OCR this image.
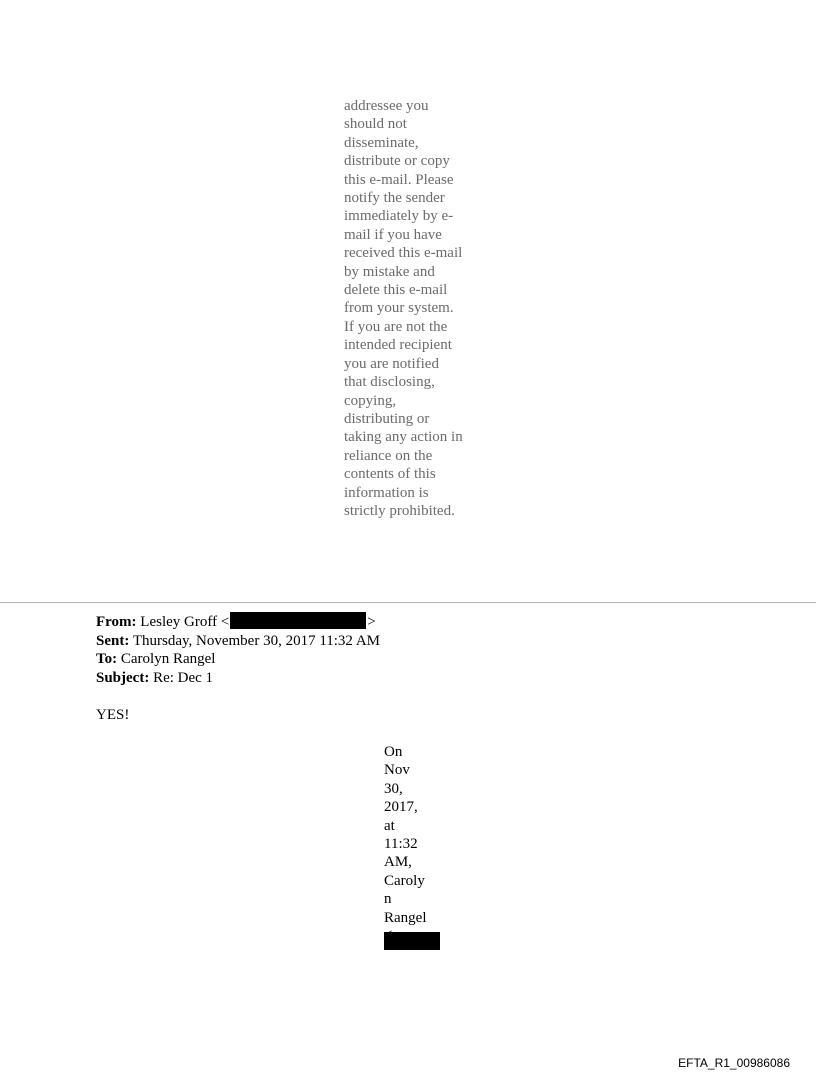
addressee you
should not
disseminate,
distribute or copy
this e-mail. Please
notify the sender
immediately by e-
mail if you have
received this e-mail
by mistake and
delete this e-mail
from your system.
If you are not the
intended recipient
you are notified
that disclosing,
copying,
distributing or
taking any action in
reliance on the
contents of this
information is
strictly prohibited.
From: Lesley Groff <	>
Sent: Thursday, November 30, 2017 11:32 AM
To: Carolyn Rangel
Subject: Re: Dec 1
YES!
On
Nov
30,
2017,
at
11:32
AM,
Caroly
n
Rangel
EFTA_R1_00986086
